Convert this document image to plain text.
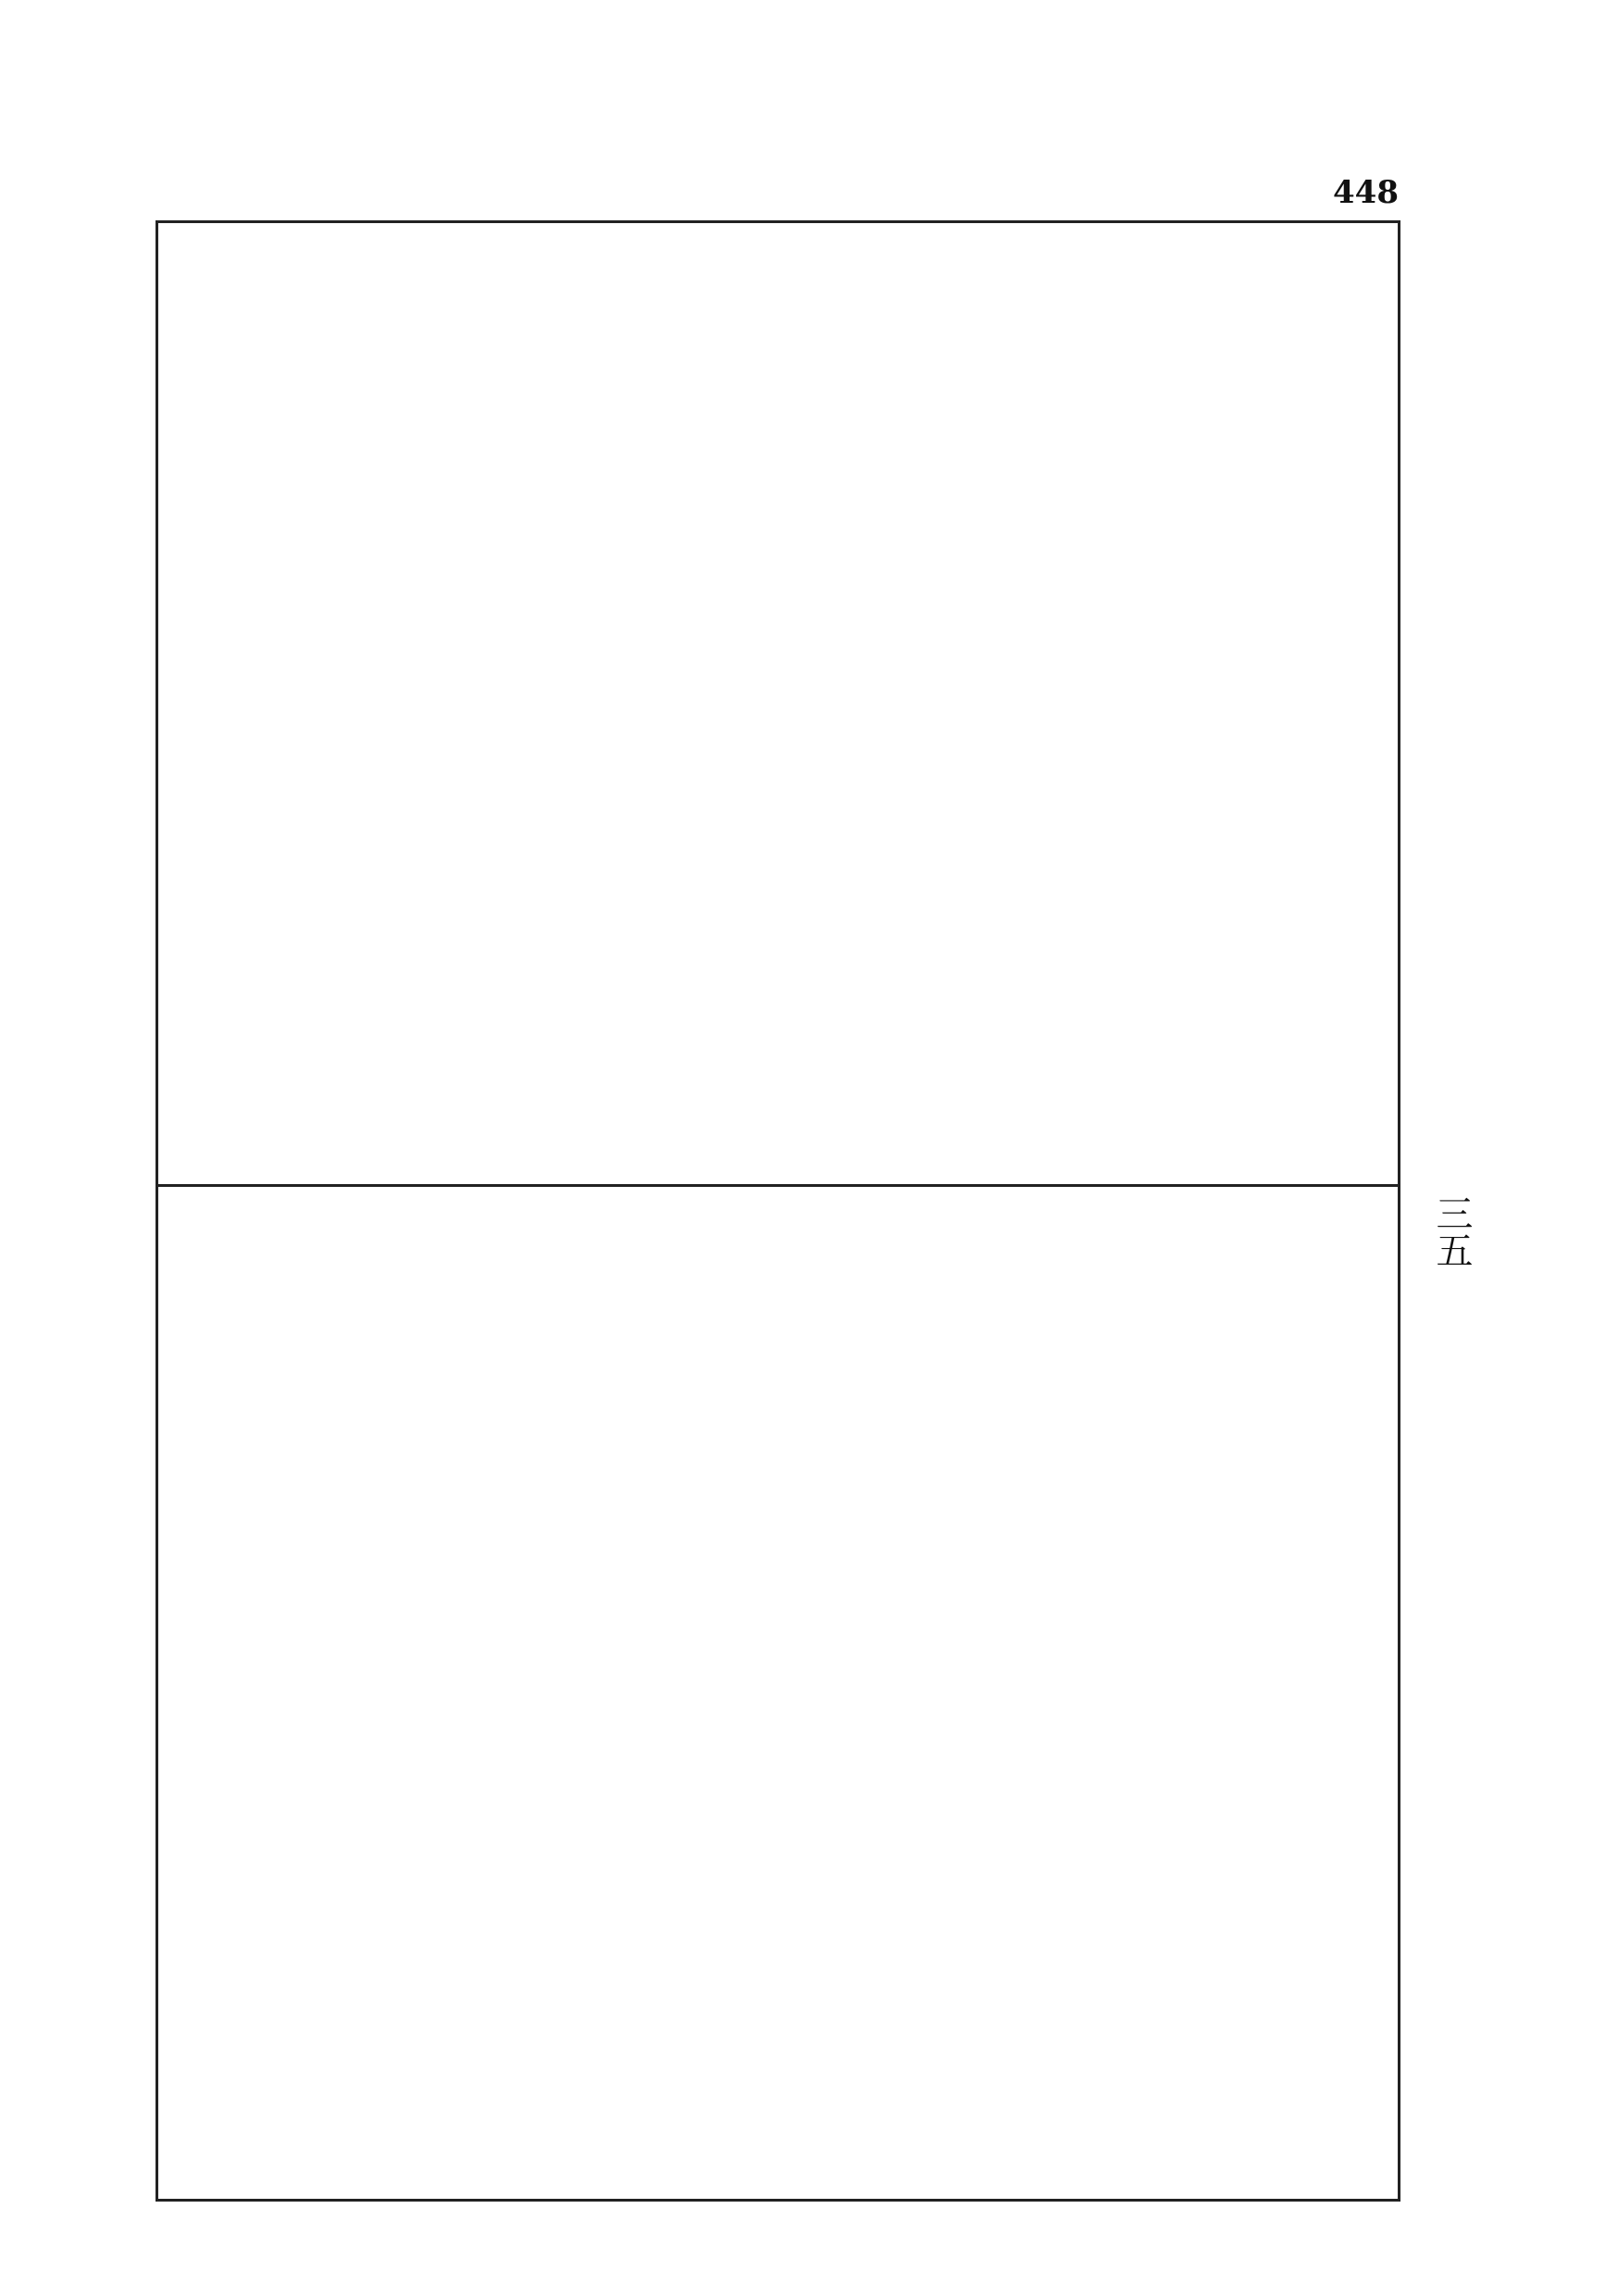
448
三五
